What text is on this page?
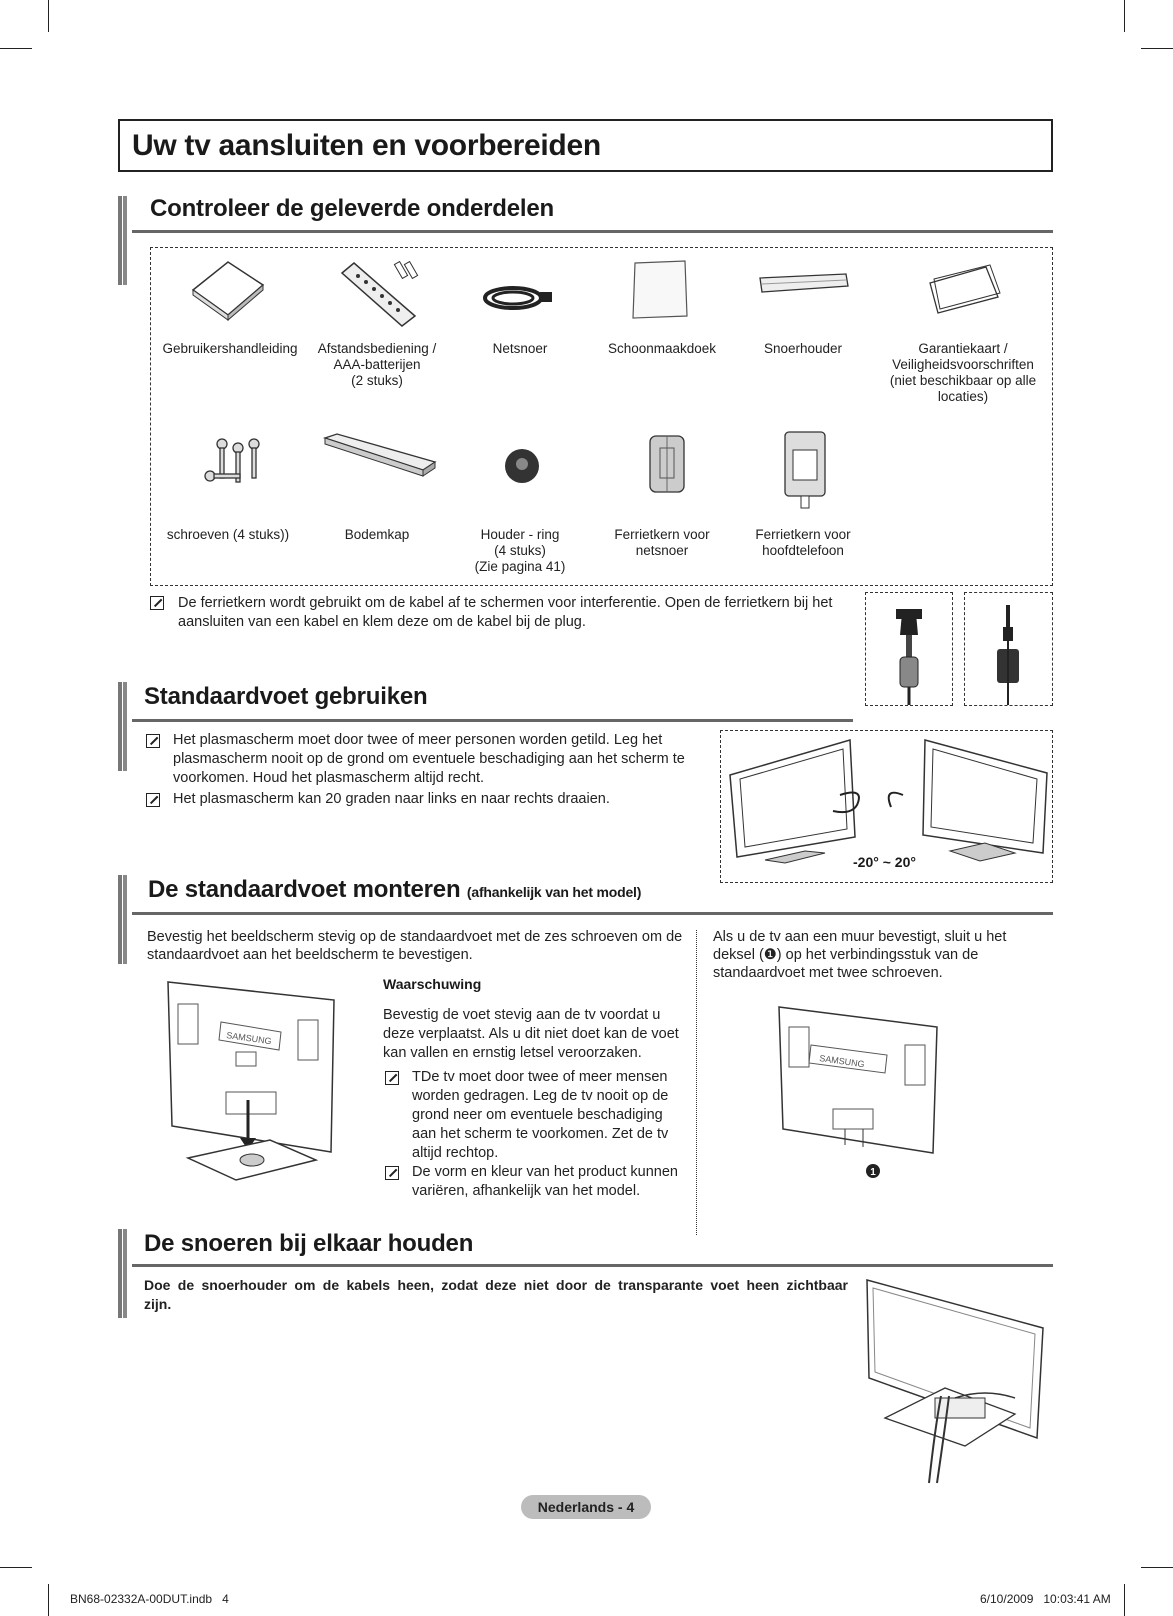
Uw tv aansluiten en voorbereiden
Controleer de geleverde onderdelen
Gebruikershandleiding	Afstandsbediening /
AAA-batterijen
(2 stuks)
Netsnoer	Schoonmaakdoek	Snoerhouder	Garantiekaart /
Veiligheidsvoorschriften
(niet beschikbaar op alle
locaties)
schroeven (4 stuks))	Bodemkap	Houder - ring
(4 stuks)
(Zie pagina 41)
Ferrietkern voor
netsnoer
Ferrietkern voor
hoofdtelefoon
De ferrietkern wordt gebruikt om de kabel af te schermen voor interferentie. Open de ferrietkern bij het aansluiten van een kabel en klem deze om de kabel bij de plug.
Standaardvoet gebruiken
Het plasmascherm moet door twee of meer personen worden getild. Leg het plasmascherm nooit op de grond om eventuele beschadiging aan het scherm te voorkomen. Houd het plasmascherm altijd recht.
Het plasmascherm kan 20 graden naar links en naar rechts draaien.
-20° ~ 20°
De standaardvoet monteren (afhankelijk van het model)
Bevestig het beeldscherm stevig op de standaardvoet met de zes schroeven om de standaardvoet aan het beeldscherm te bevestigen.
SAMSUNG
Waarschuwing
Bevestig de voet stevig aan de tv voordat u deze verplaatst. Als u dit niet doet kan de voet kan vallen en ernstig letsel veroorzaken.
TDe tv moet door twee of meer mensen worden gedragen. Leg de tv nooit op de grond neer om eventuele beschadiging aan het scherm te voorkomen. Zet de tv altijd rechtop.
De vorm en kleur van het product kunnen variëren, afhankelijk van het model.
Als u de tv aan een muur bevestigt, sluit u het deksel (❶) op het verbindingsstuk van de standaardvoet met twee schroeven.
SAMSUNG
1
De snoeren bij elkaar houden
Doe de snoerhouder om de kabels heen, zodat deze niet door de transparante voet heen zichtbaar zijn.
Nederlands - 4
BN68-02332A-00DUT.indb   4	6/10/2009   10:03:41 AM
